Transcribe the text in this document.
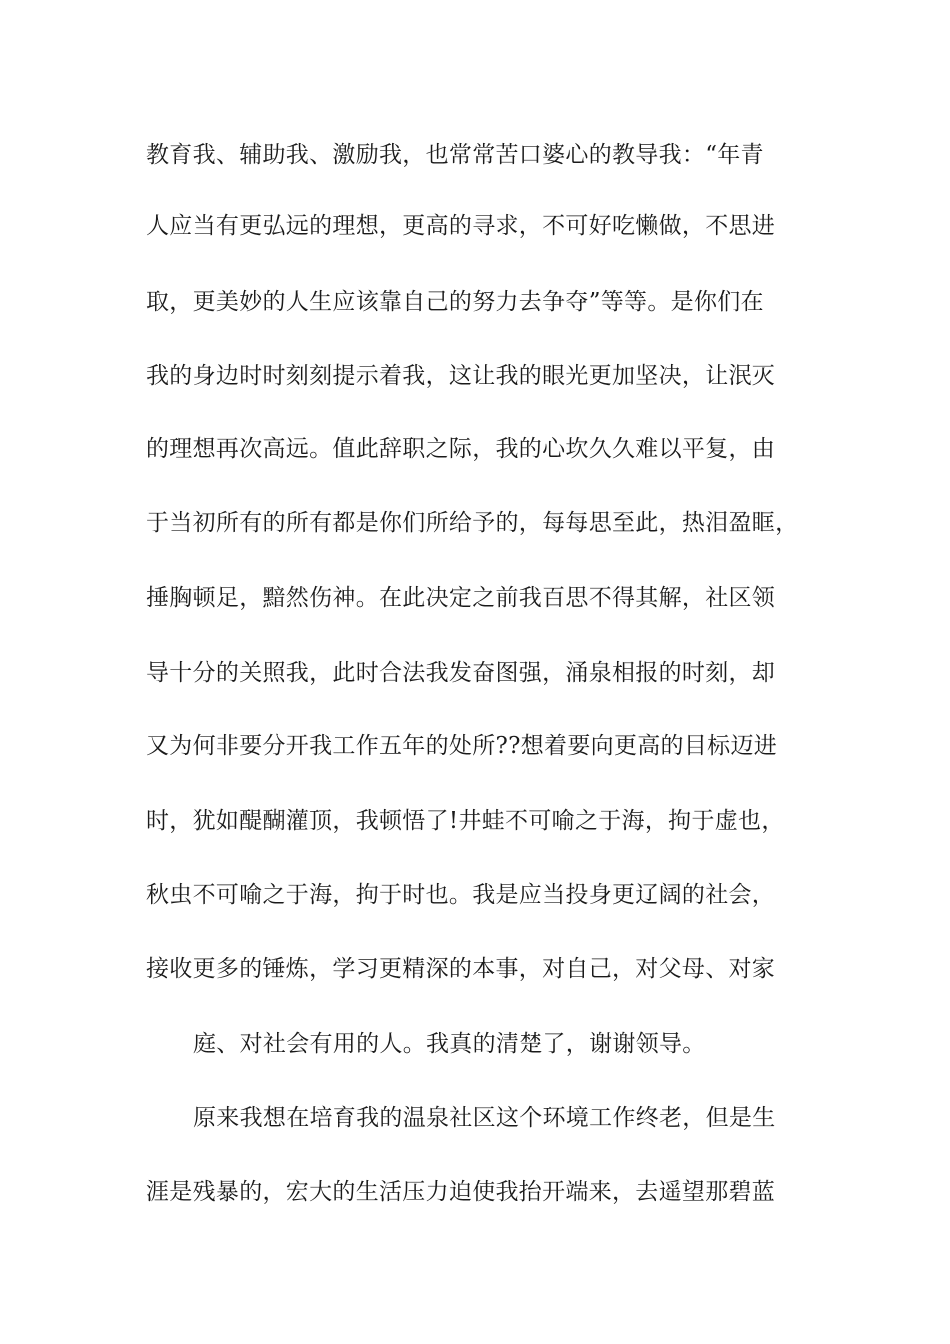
教育我、辅助我、激励我，也常常苦口婆心的教导我：“年青
人应当有更弘远的理想，更高的寻求，不可好吃懒做，不思进
取，更美妙的人生应该靠自己的努力去争夺”等等。是你们在
我的身边时时刻刻提示着我，这让我的眼光更加坚决，让泯灭
的理想再次高远。值此辞职之际，我的心坎久久难以平复，由
于当初所有的所有都是你们所给予的，每每思至此，热泪盈眶，
捶胸顿足，黯然伤神。在此决定之前我百思不得其解，社区领
导十分的关照我，此时合法我发奋图强，涌泉相报的时刻，却
又为何非要分开我工作五年的处所??想着要向更高的目标迈进
时，犹如醍醐灌顶，我顿悟了!井蛙不可喻之于海，拘于虚也，
秋虫不可喻之于海，拘于时也。我是应当投身更辽阔的社会，
接收更多的锤炼，学习更精深的本事，对自己，对父母、对家
庭、对社会有用的人。我真的清楚了，谢谢领导。
原来我想在培育我的温泉社区这个环境工作终老，但是生
涯是残暴的，宏大的生活压力迫使我抬开端来，去遥望那碧蓝
